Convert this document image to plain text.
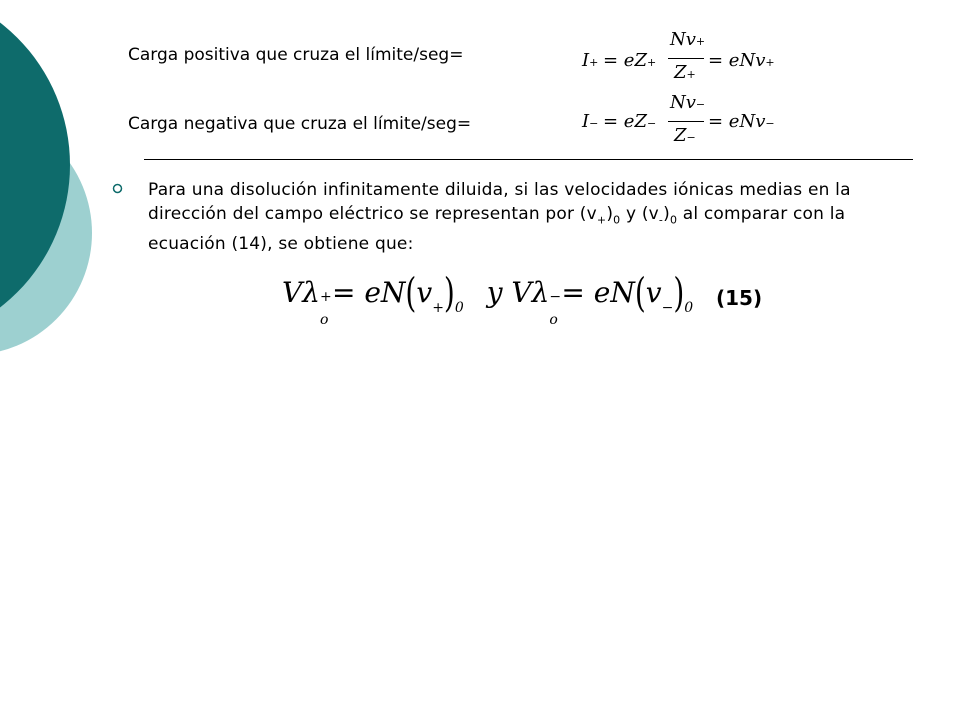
Carga positiva que cruza el límite/seg=	I+ = eZ+
Nv+
Z+
= eNv+
Carga negativa que cruza el límite/seg=	I− = eZ−
Nv−
Z−
= eNv−
Para una disolución infinitamente diluida, si las velocidades iónicas medias en la dirección del campo eléctrico se representan por $(v_+)_0$ y $(v_-)_0$ al comparar con la ecuación (14), se obtiene que:
Vλ +
o
= $eN(v_+)_0$ y Vλ −
o
= $eN(v_-)_0$ (15)
